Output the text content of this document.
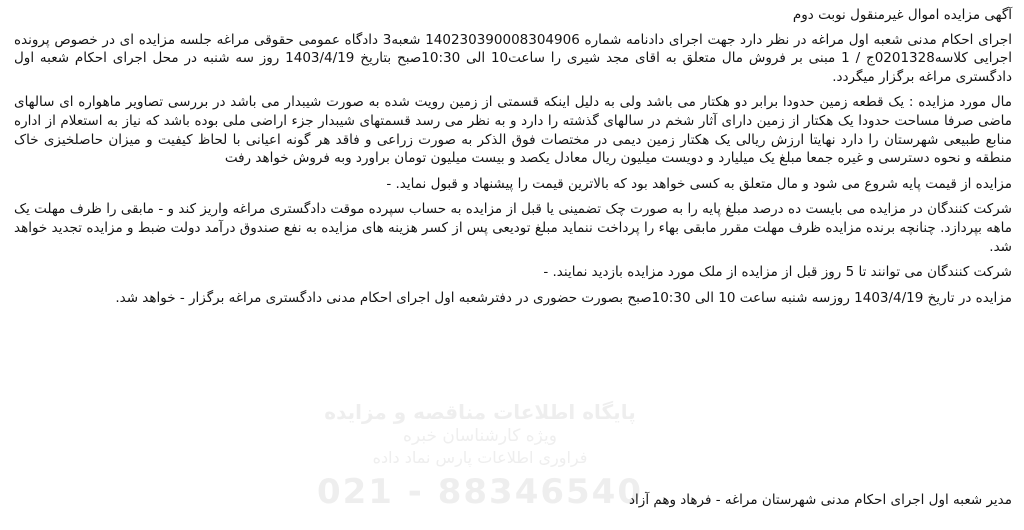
پایگاه اطلاعات مناقصه و مزایده
ویژه کارشناسان خبره
فراوری اطلاعات پارس نماد داده
021 - 88346540

آگهی مزایده اموال غیرمنقول نوبت دوم

اجرای احکام مدنی شعبه اول مراغه در نظر دارد جهت اجرای دادنامه شماره 140230390008304906 شعبه3 دادگاه عمومی حقوقی مراغه جلسه مزایده ای در خصوص پرونده اجرایی کلاسه0201328ج / 1 مبنی بر فروش مال متعلق به اقای مجد شیری را ساعت10 الی 10:30صبح بتاریخ 1403/4/19 روز سه شنبه در محل اجرای احکام شعبه اول دادگستری مراغه برگزار میگردد.

مال مورد مزایده : یک قطعه زمین حدودا برابر دو هکتار می باشد ولی به دلیل اینکه قسمتی از زمین رویت شده به صورت شیبدار می باشد در بررسی تصاویر ماهواره ای سالهای ماضی صرفا مساحت حدودا یک هکتار از زمین دارای آثار شخم در سالهای گذشته را دارد و به نظر می رسد قسمتهای شیبدار جزء اراضی ملی بوده باشد که نیاز به استعلام از اداره منابع طبیعی شهرستان را دارد نهایتا ارزش ریالی یک هکتار زمین دیمی در مختصات فوق الذکر به صورت زراعی و فاقد هر گونه اعیانی با لحاظ کیفیت و میزان حاصلخیزی خاک منطقه و نحوه دسترسی و غیره جمعا مبلغ یک میلیارد و دویست میلیون ریال معادل یکصد و بیست میلیون تومان براورد وبه فروش خواهد رفت

مزایده از قیمت پایه شروع می شود و مال متعلق به کسی خواهد بود که بالاترین قیمت را پیشنهاد و قبول نماید. -

شرکت کنندگان در مزایده می بایست ده درصد مبلغ پایه را به صورت چک تضمینی یا قبل از مزایده به حساب سپرده موقت دادگستری مراغه واریز کند و - مابقی را ظرف مهلت یک ماهه بپردازد. چنانچه برنده مزایده ظرف مهلت مقرر مابقی بهاء را پرداخت ننماید مبلغ تودیعی پس از کسر هزینه های مزایده به نفع صندوق درآمد دولت ضبط و مزایده تجدید خواهد شد.

شرکت کنندگان می توانند تا 5 روز قبل از مزایده از ملک مورد مزایده بازدید نمایند. -

مزایده در تاریخ 1403/4/19 روزسه شنبه ساعت 10 الی 10:30صبح بصورت حضوری در دفترشعبه اول اجرای احکام مدنی دادگستری مراغه برگزار - خواهد شد.

مدیر شعبه اول اجرای احکام مدنی شهرستان مراغه - فرهاد وهم آزاد
